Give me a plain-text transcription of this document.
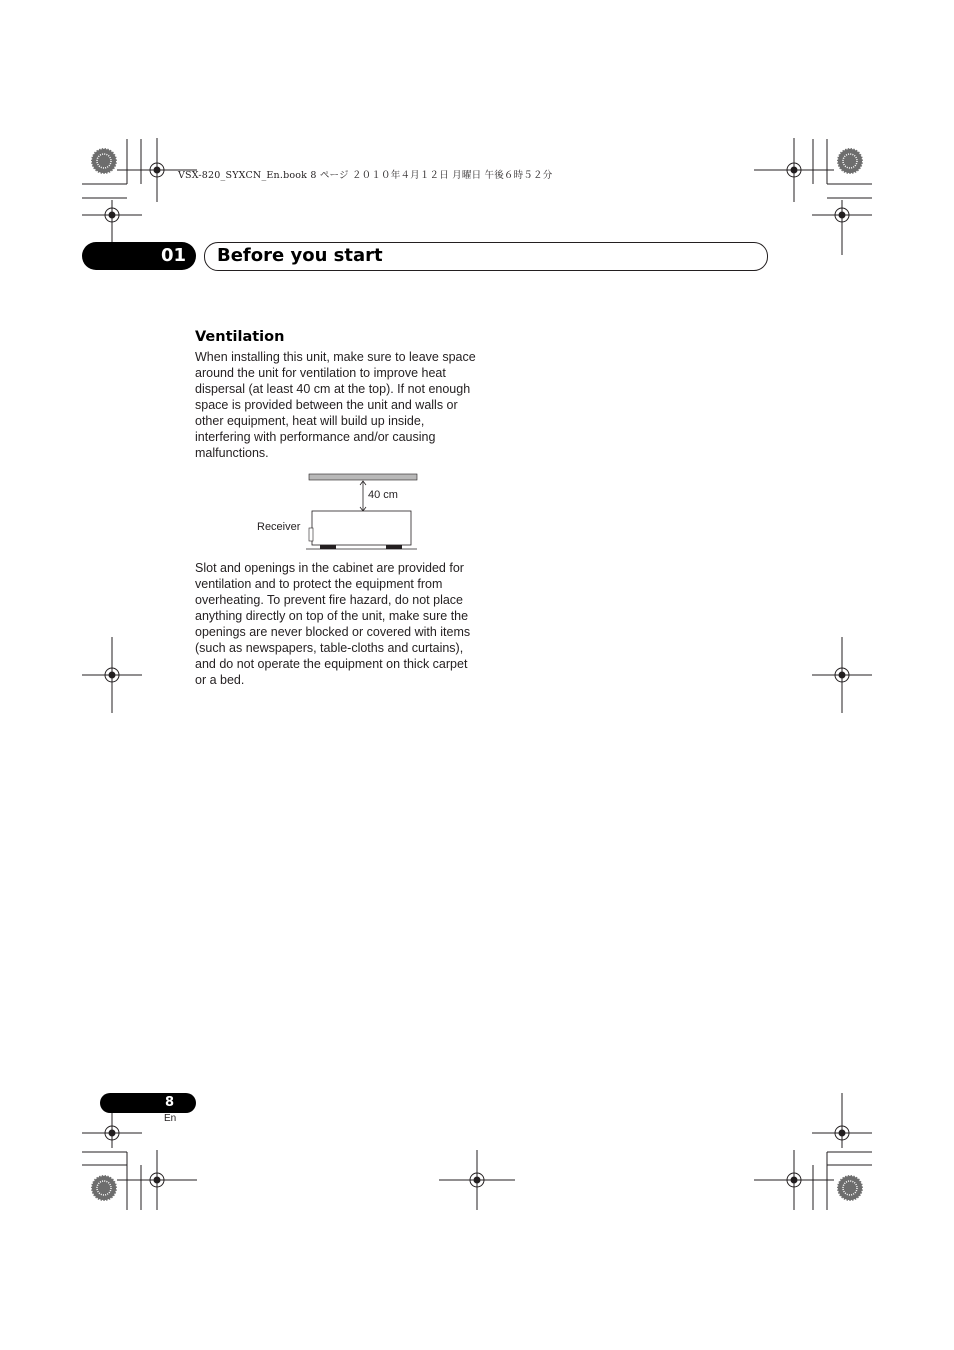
VSX-820_SYXCN_En.book 8 ページ ２０１０年４月１２日 月曜日 午後６時５２分
01 Before you start
Ventilation
When installing this unit, make sure to leave space around the unit for ventilation to improve heat dispersal (at least 40 cm at the top). If not enough space is provided between the unit and walls or other equipment, heat will build up inside, interfering with performance and/or causing malfunctions.
40 cm
Receiver
Slot and openings in the cabinet are provided for ventilation and to protect the equipment from overheating. To prevent fire hazard, do not place anything directly on top of the unit, make sure the openings are never blocked or covered with items (such as newspapers, table-cloths and curtains), and do not operate the equipment on thick carpet or a bed.
8
En
